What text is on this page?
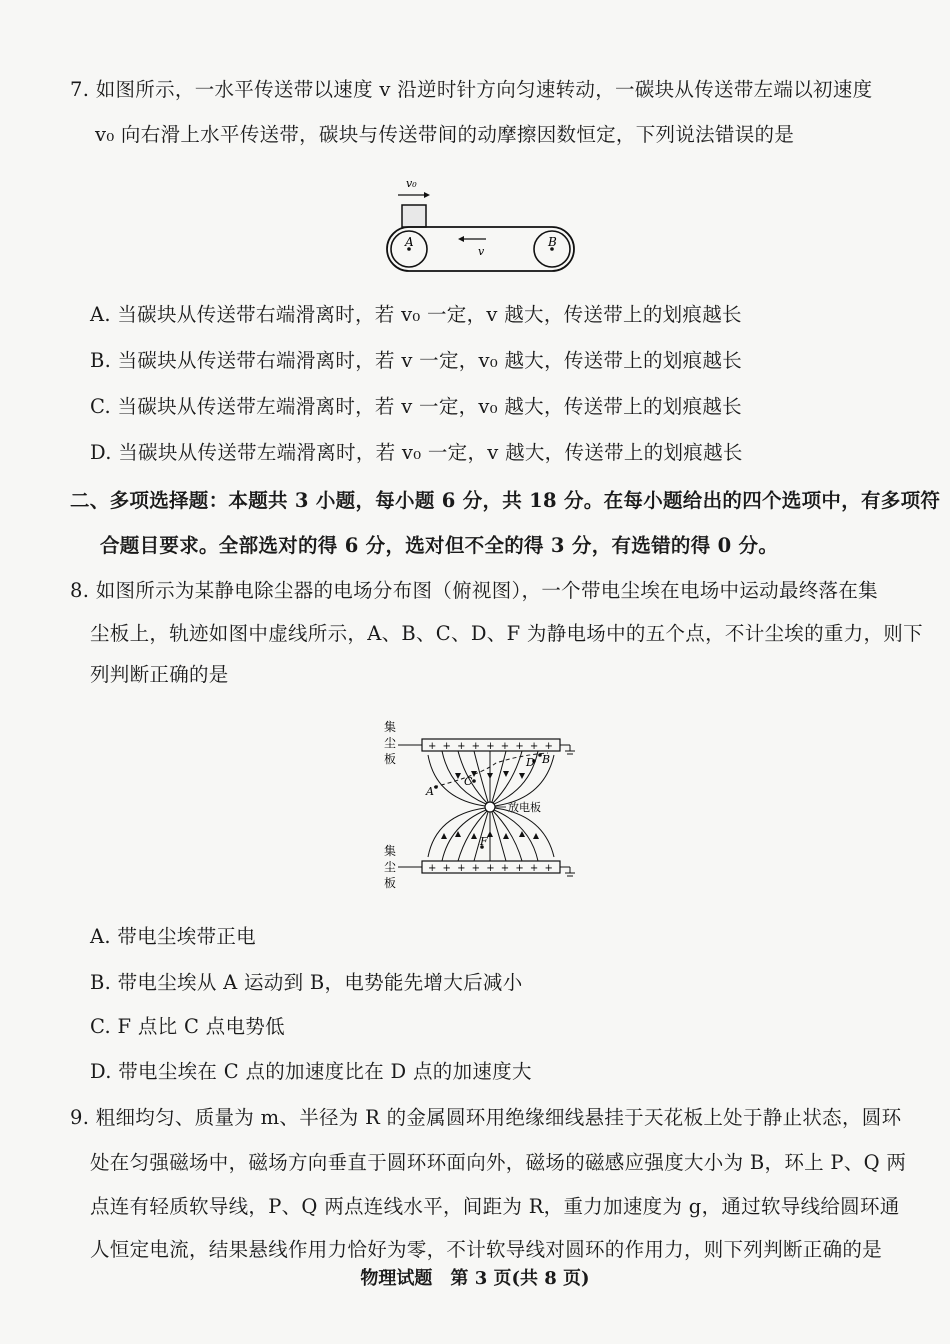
7. 如图所示，一水平传送带以速度 v 沿逆时针方向匀速转动，一碳块从传送带左端以初速度
v₀ 向右滑上水平传送带，碳块与传送带间的动摩擦因数恒定，下列说法错误的是
v₀
A	B
v
A. 当碳块从传送带右端滑离时，若 v₀ 一定，v 越大，传送带上的划痕越长
B. 当碳块从传送带右端滑离时，若 v 一定，v₀ 越大，传送带上的划痕越长
C. 当碳块从传送带左端滑离时，若 v 一定，v₀ 越大，传送带上的划痕越长
D. 当碳块从传送带左端滑离时，若 v₀ 一定，v 越大，传送带上的划痕越长
二、多项选择题：本题共 3 小题，每小题 6 分，共 18 分。在每小题给出的四个选项中，有多项符
合题目要求。全部选对的得 6 分，选对但不全的得 3 分，有选错的得 0 分。
8. 如图所示为某静电除尘器的电场分布图（俯视图），一个带电尘埃在电场中运动最终落在集
尘板上，轨迹如图中虚线所示，A、B、C、D、F 为静电场中的五个点，不计尘埃的重力，则下
列判断正确的是
集
尘
板
+ + + + + + + + +
放电板
A
C
D B
F
+ + + + + + + + +
集
尘
板
A. 带电尘埃带正电
B. 带电尘埃从 A 运动到 B，电势能先增大后减小
C. F 点比 C 点电势低
D. 带电尘埃在 C 点的加速度比在 D 点的加速度大
9. 粗细均匀、质量为 m、半径为 R 的金属圆环用绝缘细线悬挂于天花板上处于静止状态，圆环
处在匀强磁场中，磁场方向垂直于圆环环面向外，磁场的磁感应强度大小为 B，环上 P、Q 两
点连有轻质软导线，P、Q 两点连线水平，间距为 R，重力加速度为 g，通过软导线给圆环通
人恒定电流，结果悬线作用力恰好为零，不计软导线对圆环的作用力，则下列判断正确的是
物理试题　第 3 页(共 8 页)
